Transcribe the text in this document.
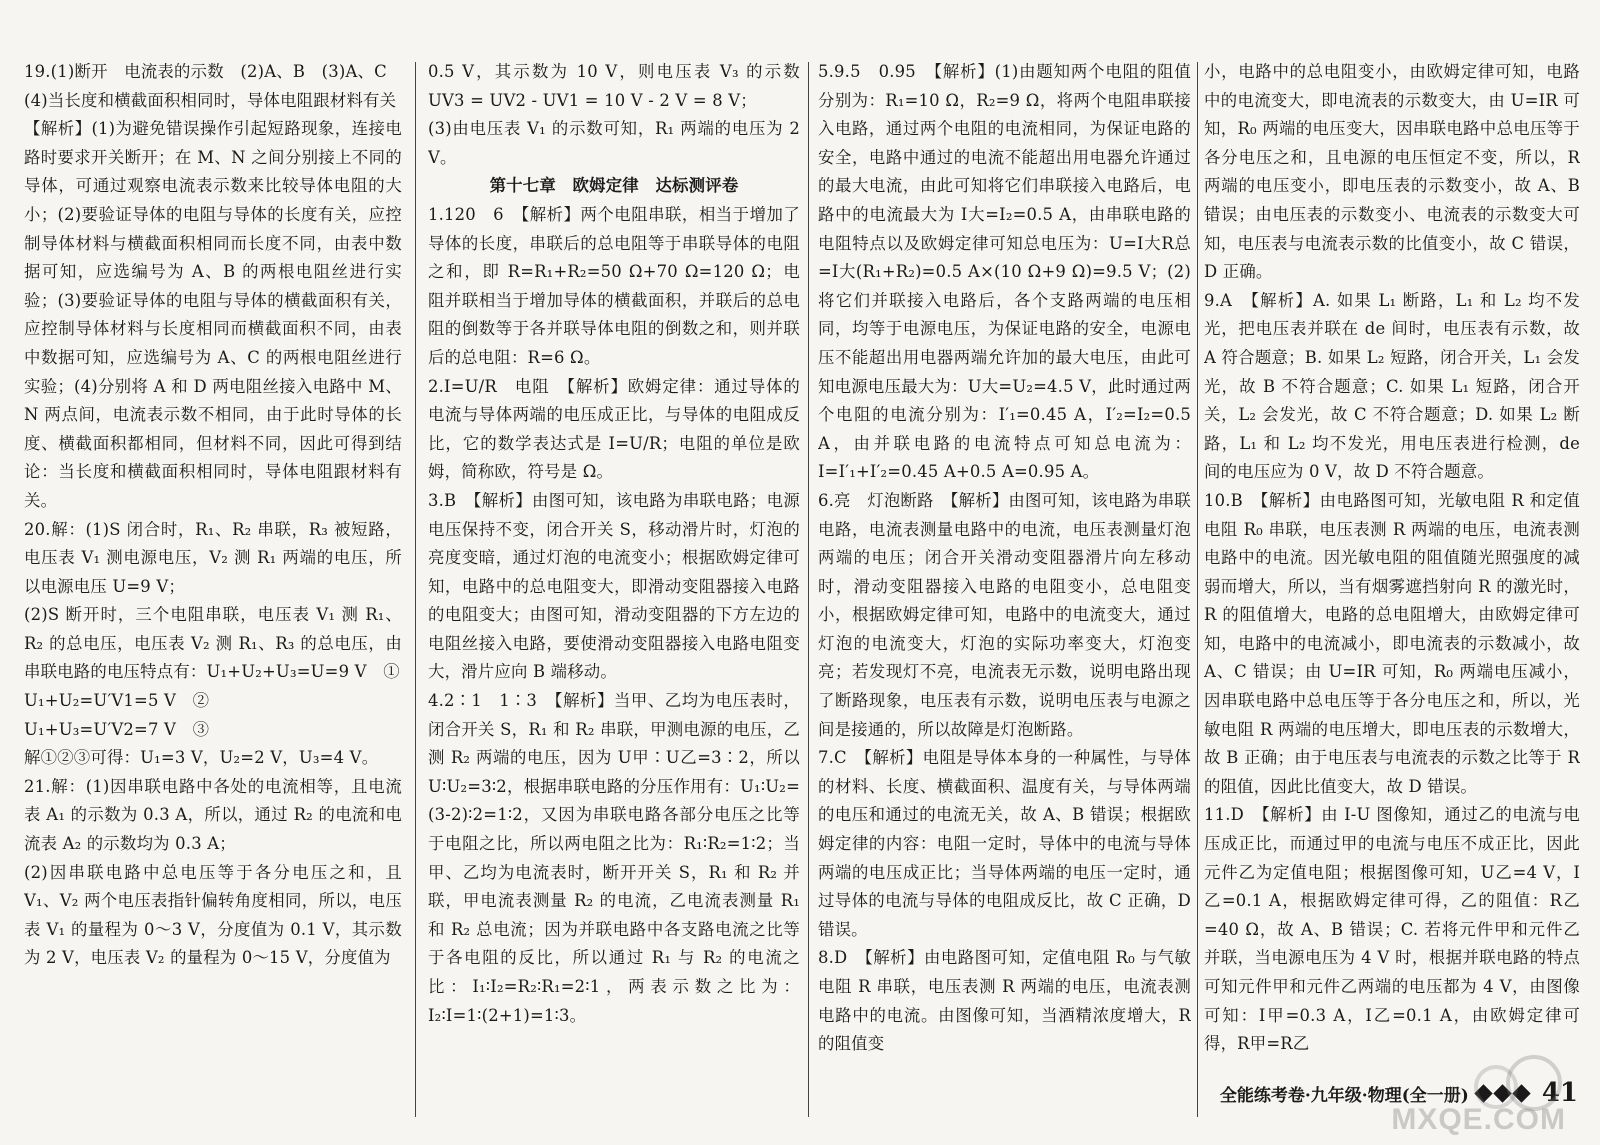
19.(1)断开　电流表的示数　(2)A、B　(3)A、C

(4)当长度和横截面积相同时，导体电阻跟材料有关

【解析】(1)为避免错误操作引起短路现象，连接电路时要求开关断开；在 M、N 之间分别接上不同的导体，可通过观察电流表示数来比较导体电阻的大小；(2)要验证导体的电阻与导体的长度有关，应控制导体材料与横截面积相同而长度不同，由表中数据可知，应选编号为 A、B 的两根电阻丝进行实验；(3)要验证导体的电阻与导体的横截面积有关，应控制导体材料与长度相同而横截面积不同，由表中数据可知，应选编号为 A、C 的两根电阻丝进行实验；(4)分别将 A 和 D 两电阻丝接入电路中 M、N 两点间，电流表示数不相同，由于此时导体的长度、横截面积都相同，但材料不同，因此可得到结论：当长度和横截面积相同时，导体电阻跟材料有关。

20.解：(1)S 闭合时，R₁、R₂ 串联，R₃ 被短路，电压表 V₁ 测电源电压，V₂ 测 R₁ 两端的电压，所以电源电压 U=9 V；

(2)S 断开时，三个电阻串联，电压表 V₁ 测 R₁、R₂ 的总电压，电压表 V₂ 测 R₁、R₃ 的总电压，由串联电路的电压特点有：U₁+U₂+U₃=U=9 V　①

U₁+U₂=U′V1=5 V　②

U₁+U₃=U′V2=7 V　③

解①②③可得：U₁=3 V，U₂=2 V，U₃=4 V。

21.解：(1)因串联电路中各处的电流相等，且电流表 A₁ 的示数为 0.3 A，所以，通过 R₂ 的电流和电流表 A₂ 的示数均为 0.3 A；

(2)因串联电路中总电压等于各分电压之和，且 V₁、V₂ 两个电压表指针偏转角度相同，所以，电压表 V₁ 的量程为 0～3 V，分度值为 0.1 V，其示数为 2 V，电压表 V₂ 的量程为 0～15 V，分度值为

0.5 V，其示数为 10 V，则电压表 V₃ 的示数 UV3 = UV2 - UV1 = 10 V - 2 V = 8 V；

(3)由电压表 V₁ 的示数可知，R₁ 两端的电压为 2 V。

第十七章　欧姆定律　达标测评卷

1.120　6　【解析】两个电阻串联，相当于增加了导体的长度，串联后的总电阻等于串联导体的电阻之和，即 R=R₁+R₂=50 Ω+70 Ω=120 Ω；电阻并联相当于增加导体的横截面积，并联后的总电阻的倒数等于各并联导体电阻的倒数之和，则并联后的总电阻：R=6 Ω。

2.I=U/R　电阻　【解析】欧姆定律：通过导体的电流与导体两端的电压成正比，与导体的电阻成反比，它的数学表达式是 I=U/R；电阻的单位是欧姆，简称欧，符号是 Ω。

3.B　【解析】由图可知，该电路为串联电路；电源电压保持不变，闭合开关 S，移动滑片时，灯泡的亮度变暗，通过灯泡的电流变小；根据欧姆定律可知，电路中的总电阻变大，即滑动变阻器接入电路的电阻变大；由图可知，滑动变阻器的下方左边的电阻丝接入电路，要使滑动变阻器接入电路电阻变大，滑片应向 B 端移动。

4.2∶1　1∶3　【解析】当甲、乙均为电压表时，闭合开关 S，R₁ 和 R₂ 串联，甲测电源的电压，乙测 R₂ 两端的电压，因为 U甲∶U乙=3∶2，所以 U∶U₂=3∶2，根据串联电路的分压作用有：U₁∶U₂=(3-2)∶2=1∶2，又因为串联电路各部分电压之比等于电阻之比，所以两电阻之比为：R₁∶R₂=1∶2；当甲、乙均为电流表时，断开开关 S，R₁ 和 R₂ 并联，甲电流表测量 R₂ 的电流，乙电流表测量 R₁ 和 R₂ 总电流；因为并联电路中各支路电流之比等于各电阻的反比，所以通过 R₁ 与 R₂ 的电流之比：I₁∶I₂=R₂∶R₁=2∶1，两表示数之比为：I₂∶I=1∶(2+1)=1∶3。

5.9.5　0.95　【解析】(1)由题知两个电阻的阻值分别为：R₁=10 Ω，R₂=9 Ω，将两个电阻串联接入电路，通过两个电阻的电流相同，为保证电路的安全，电路中通过的电流不能超出用电器允许通过的最大电流，由此可知将它们串联接入电路后，电路中的电流最大为 I大=I₂=0.5 A，由串联电路的电阻特点以及欧姆定律可知总电压为：U=I大R总=I大(R₁+R₂)=0.5 A×(10 Ω+9 Ω)=9.5 V；(2)将它们并联接入电路后，各个支路两端的电压相同，均等于电源电压，为保证电路的安全，电源电压不能超出用电器两端允许加的最大电压，由此可知电源电压最大为：U大=U₂=4.5 V，此时通过两个电阻的电流分别为：I′₁=0.45 A，I′₂=I₂=0.5 A，由并联电路的电流特点可知总电流为：I=I′₁+I′₂=0.45 A+0.5 A=0.95 A。

6.亮　灯泡断路　【解析】由图可知，该电路为串联电路，电流表测量电路中的电流，电压表测量灯泡两端的电压；闭合开关滑动变阻器滑片向左移动时，滑动变阻器接入电路的电阻变小，总电阻变小，根据欧姆定律可知，电路中的电流变大，通过灯泡的电流变大，灯泡的实际功率变大，灯泡变亮；若发现灯不亮，电流表无示数，说明电路出现了断路现象，电压表有示数，说明电压表与电源之间是接通的，所以故障是灯泡断路。

7.C　【解析】电阻是导体本身的一种属性，与导体的材料、长度、横截面积、温度有关，与导体两端的电压和通过的电流无关，故 A、B 错误；根据欧姆定律的内容：电阻一定时，导体中的电流与导体两端的电压成正比；当导体两端的电压一定时，通过导体的电流与导体的电阻成反比，故 C 正确，D 错误。

8.D　【解析】由电路图可知，定值电阻 R₀ 与气敏电阻 R 串联，电压表测 R 两端的电压，电流表测电路中的电流。由图像可知，当酒精浓度增大，R 的阻值变

小，电路中的总电阻变小，由欧姆定律可知，电路中的电流变大，即电流表的示数变大，由 U=IR 可知，R₀ 两端的电压变大，因串联电路中总电压等于各分电压之和，且电源的电压恒定不变，所以，R 两端的电压变小，即电压表的示数变小，故 A、B 错误；由电压表的示数变小、电流表的示数变大可知，电压表与电流表示数的比值变小，故 C 错误，D 正确。

9.A　【解析】A. 如果 L₁ 断路，L₁ 和 L₂ 均不发光，把电压表并联在 de 间时，电压表有示数，故 A 符合题意；B. 如果 L₂ 短路，闭合开关，L₁ 会发光，故 B 不符合题意；C. 如果 L₁ 短路，闭合开关，L₂ 会发光，故 C 不符合题意；D. 如果 L₂ 断路，L₁ 和 L₂ 均不发光，用电压表进行检测，de 间的电压应为 0 V，故 D 不符合题意。

10.B　【解析】由电路图可知，光敏电阻 R 和定值电阻 R₀ 串联，电压表测 R 两端的电压，电流表测电路中的电流。因光敏电阻的阻值随光照强度的减弱而增大，所以，当有烟雾遮挡射向 R 的激光时，R 的阻值增大，电路的总电阻增大，由欧姆定律可知，电路中的电流减小，即电流表的示数减小，故 A、C 错误；由 U=IR 可知，R₀ 两端电压减小，因串联电路中总电压等于各分电压之和，所以，光敏电阻 R 两端的电压增大，即电压表的示数增大，故 B 正确；由于电压表与电流表的示数之比等于 R 的阻值，因此比值变大，故 D 错误。

11.D　【解析】由 I-U 图像知，通过乙的电流与电压成正比，而通过甲的电流与电压不成正比，因此元件乙为定值电阻；根据图像可知，U乙=4 V，I乙=0.1 A，根据欧姆定律可得，乙的阻值：R乙=40 Ω，故 A、B 错误；C. 若将元件甲和元件乙并联，当电源电压为 4 V 时，根据并联电路的特点可知元件甲和元件乙两端的电压都为 4 V，由图像可知：I甲=0.3 A，I乙=0.1 A，由欧姆定律可得，R甲=R乙

全能练考卷·九年级·物理(全一册)	41
MXQE.COM
